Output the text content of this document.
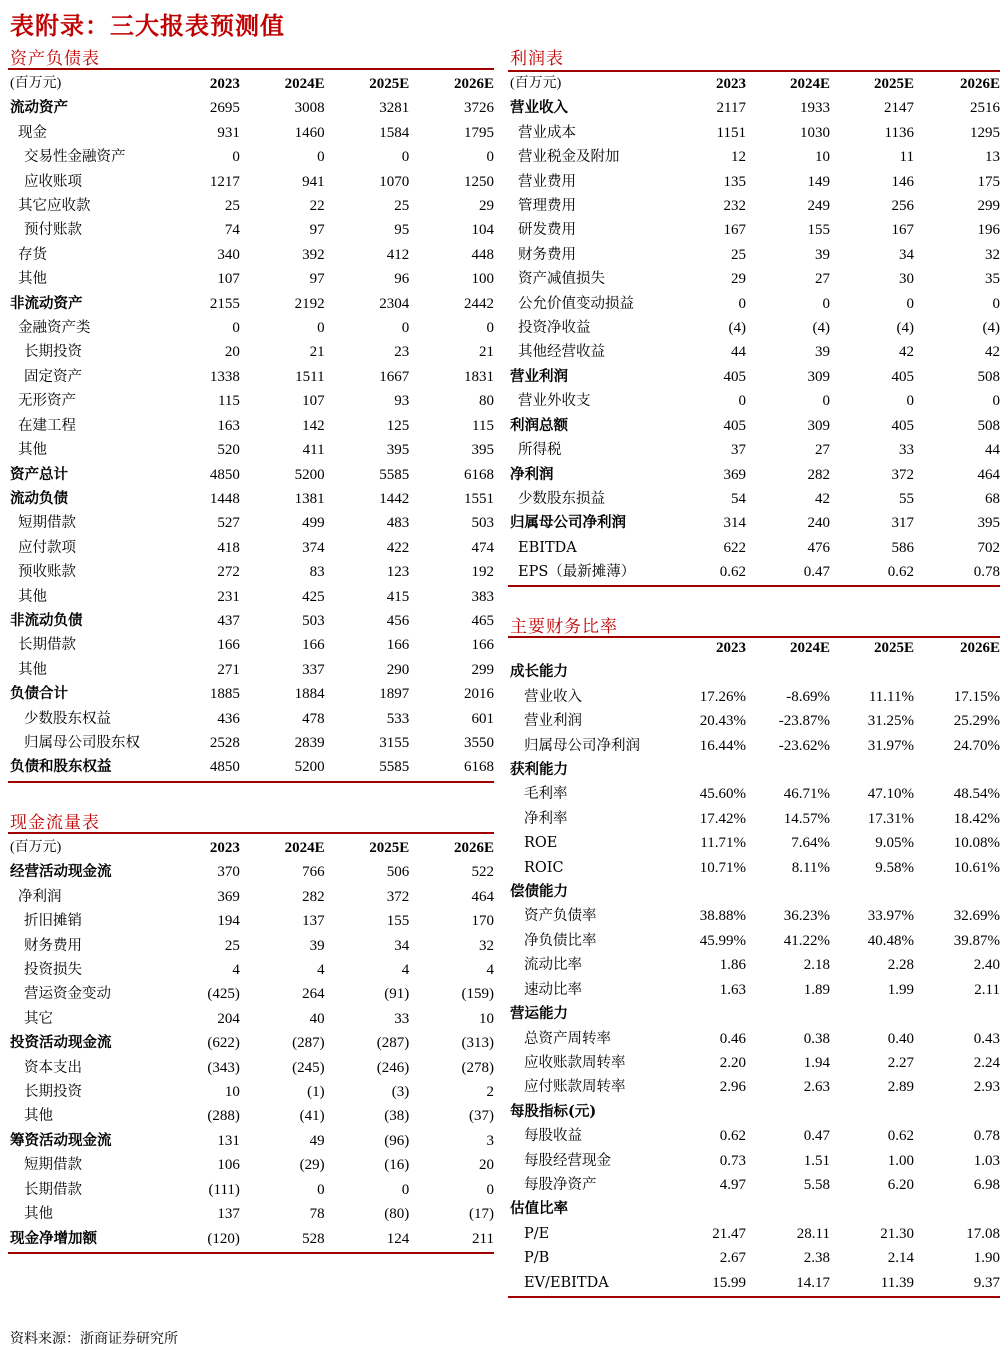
表附录：三大报表预测值
资产负债表
(百万元)	2023	2024E	2025E	2026E
流动资产	2695	3008	3281	3726
现金	931	1460	1584	1795
交易性金融资产	0	0	0	0
应收账项	1217	941	1070	1250
其它应收款	25	22	25	29
预付账款	74	97	95	104
存货	340	392	412	448
其他	107	97	96	100
非流动资产	2155	2192	2304	2442
金融资产类	0	0	0	0
长期投资	20	21	23	21
固定资产	1338	1511	1667	1831
无形资产	115	107	93	80
在建工程	163	142	125	115
其他	520	411	395	395
资产总计	4850	5200	5585	6168
流动负债	1448	1381	1442	1551
短期借款	527	499	483	503
应付款项	418	374	422	474
预收账款	272	83	123	192
其他	231	425	415	383
非流动负债	437	503	456	465
长期借款	166	166	166	166
其他	271	337	290	299
负债合计	1885	1884	1897	2016
少数股东权益	436	478	533	601
归属母公司股东权	2528	2839	3155	3550
负债和股东权益	4850	5200	5585	6168
现金流量表
(百万元)	2023	2024E	2025E	2026E
经营活动现金流	370	766	506	522
净利润	369	282	372	464
折旧摊销	194	137	155	170
财务费用	25	39	34	32
投资损失	4	4	4	4
营运资金变动	(425)	264	(91)	(159)
其它	204	40	33	10
投资活动现金流	(622)	(287)	(287)	(313)
资本支出	(343)	(245)	(246)	(278)
长期投资	10	(1)	(3)	2
其他	(288)	(41)	(38)	(37)
筹资活动现金流	131	49	(96)	3
短期借款	106	(29)	(16)	20
长期借款	(111)	0	0	0
其他	137	78	(80)	(17)
现金净增加额	(120)	528	124	211
利润表
(百万元)	2023	2024E	2025E	2026E
营业收入	2117	1933	2147	2516
营业成本	1151	1030	1136	1295
营业税金及附加	12	10	11	13
营业费用	135	149	146	175
管理费用	232	249	256	299
研发费用	167	155	167	196
财务费用	25	39	34	32
资产减值损失	29	27	30	35
公允价值变动损益	0	0	0	0
投资净收益	(4)	(4)	(4)	(4)
其他经营收益	44	39	42	42
营业利润	405	309	405	508
营业外收支	0	0	0	0
利润总额	405	309	405	508
所得税	37	27	33	44
净利润	369	282	372	464
少数股东损益	54	42	55	68
归属母公司净利润	314	240	317	395
EBITDA	622	476	586	702
EPS（最新摊薄）	0.62	0.47	0.62	0.78
主要财务比率
	2023	2024E	2025E	2026E
成长能力				
营业收入	17.26%	-8.69%	11.11%	17.15%
营业利润	20.43%	-23.87%	31.25%	25.29%
归属母公司净利润	16.44%	-23.62%	31.97%	24.70%
获利能力				
毛利率	45.60%	46.71%	47.10%	48.54%
净利率	17.42%	14.57%	17.31%	18.42%
ROE	11.71%	7.64%	9.05%	10.08%
ROIC	10.71%	8.11%	9.58%	10.61%
偿债能力				
资产负债率	38.88%	36.23%	33.97%	32.69%
净负债比率	45.99%	41.22%	40.48%	39.87%
流动比率	1.86	2.18	2.28	2.40
速动比率	1.63	1.89	1.99	2.11
营运能力				
总资产周转率	0.46	0.38	0.40	0.43
应收账款周转率	2.20	1.94	2.27	2.24
应付账款周转率	2.96	2.63	2.89	2.93
每股指标(元)				
每股收益	0.62	0.47	0.62	0.78
每股经营现金	0.73	1.51	1.00	1.03
每股净资产	4.97	5.58	6.20	6.98
估值比率				
P/E	21.47	28.11	21.30	17.08
P/B	2.67	2.38	2.14	1.90
EV/EBITDA	15.99	14.17	11.39	9.37
资料来源：浙商证券研究所
